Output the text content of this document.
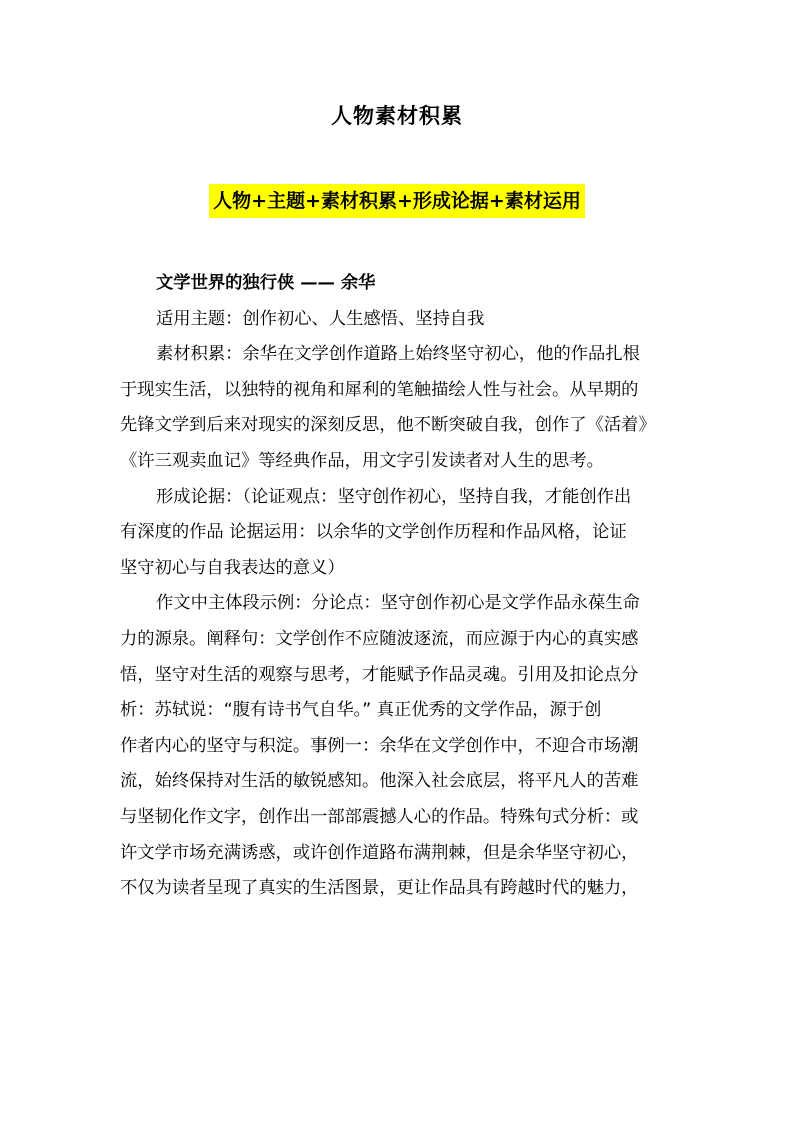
人物素材积累
人物+主题+素材积累+形成论据+素材运用
文学世界的独行侠 —— 余华
适用主题：创作初心、人生感悟、坚持自我
素材积累：余华在文学创作道路上始终坚守初心，他的作品扎根
于现实生活，以独特的视角和犀利的笔触描绘人性与社会。从早期的
先锋文学到后来对现实的深刻反思，他不断突破自我，创作了《活着》
《许三观卖血记》等经典作品，用文字引发读者对人生的思考。
形成论据：（论证观点：坚守创作初心，坚持自我，才能创作出
有深度的作品 论据运用：以余华的文学创作历程和作品风格，论证
坚守初心与自我表达的意义）
作文中主体段示例：分论点：坚守创作初心是文学作品永葆生命
力的源泉。阐释句：文学创作不应随波逐流，而应源于内心的真实感
悟，坚守对生活的观察与思考，才能赋予作品灵魂。引用及扣论点分
析：苏轼说：“腹有诗书气自华。” 真正优秀的文学作品，源于创
作者内心的坚守与积淀。事例一：余华在文学创作中，不迎合市场潮
流，始终保持对生活的敏锐感知。他深入社会底层，将平凡人的苦难
与坚韧化作文字，创作出一部部震撼人心的作品。特殊句式分析：或
许文学市场充满诱惑，或许创作道路布满荆棘，但是余华坚守初心，
不仅为读者呈现了真实的生活图景，更让作品具有跨越时代的魅力，
